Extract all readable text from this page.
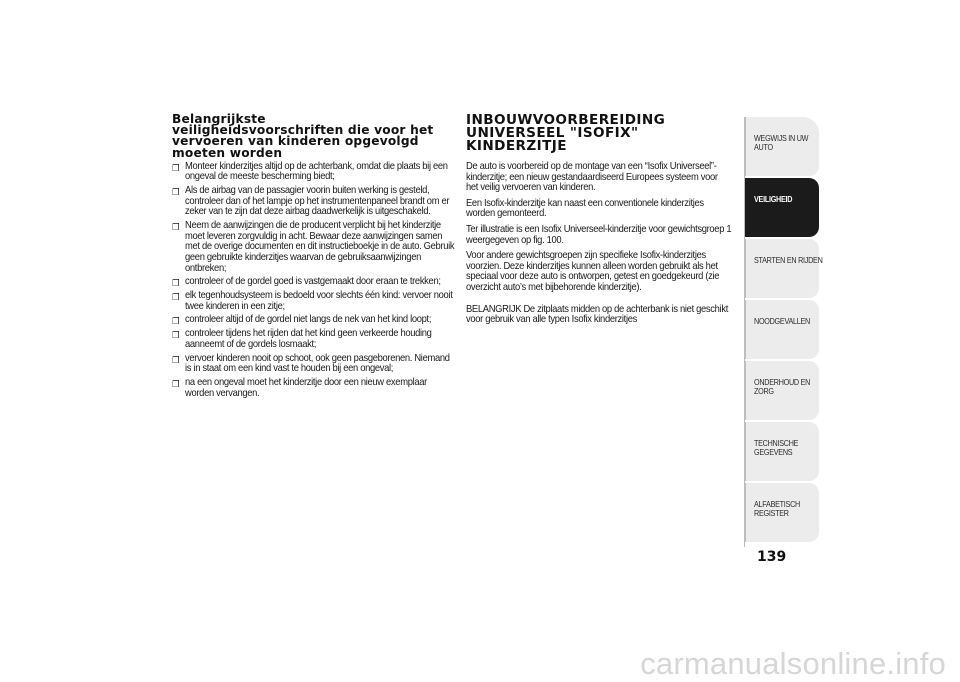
Belangrijkste
veiligheidsvoorschriften die voor het
vervoeren van kinderen opgevolgd
moeten worden
❒ Monteer kinderzitjes altijd op de achterbank, omdat die plaats bij een ongeval de meeste bescherming biedt;
❒ Als de airbag van de passagier voorin buiten werking is gesteld, controleer dan of het lampje op het instrumentenpaneel brandt om er zeker van te zijn dat deze airbag daadwerkelijk is uitgeschakeld.
❒ Neem de aanwijzingen die de producent verplicht bij het kinderzitje moet leveren zorgvuldig in acht. Bewaar deze aanwijzingen samen met de overige documenten en dit instructieboekje in de auto. Gebruik geen gebruikte kinderzitjes waarvan de gebruiksaanwijzingen ontbreken;
❒ controleer of de gordel goed is vastgemaakt door eraan te trekken;
❒ elk tegenhoudsysteem is bedoeld voor slechts één kind: vervoer nooit twee kinderen in een zitje;
❒ controleer altijd of de gordel niet langs de nek van het kind loopt;
❒ controleer tijdens het rijden dat het kind geen verkeerde houding aanneemt of de gordels losmaakt;
❒ vervoer kinderen nooit op schoot, ook geen pasgeborenen. Niemand is in staat om een kind vast te houden bij een ongeval;
❒ na een ongeval moet het kinderzitje door een nieuw exemplaar worden vervangen.
INBOUWVOORBEREIDING
UNIVERSEEL "ISOFIX"
KINDERZITJE

De auto is voorbereid op de montage van een “Isofix Universeel”-kinderzitje; een nieuw gestandaardiseerd Europees systeem voor het veilig vervoeren van kinderen.

Een Isofix-kinderzitje kan naast een conventionele kinderzitjes worden gemonteerd.

Ter illustratie is een Isofix Universeel-kinderzitje voor gewichtsgroep 1 weergegeven op fig. 100.

Voor andere gewichtsgroepen zijn specifieke Isofix-kinderzitjes voorzien. Deze kinderzitjes kunnen alleen worden gebruikt als het speciaal voor deze auto is ontworpen, getest en goedgekeurd (zie overzicht auto’s met bijbehorende kinderzitje).

BELANGRIJK De zitplaats midden op de achterbank is niet geschikt voor gebruik van alle typen Isofix kinderzitjes

WEGWIJS IN UW AUTO
VEILIGHEID
STARTEN EN RIJDEN
NOODGEVALLEN
ONDERHOUD EN ZORG
TECHNISCHE GEGEVENS
ALFABETISCH REGISTER
139
carmanualsonline.info
